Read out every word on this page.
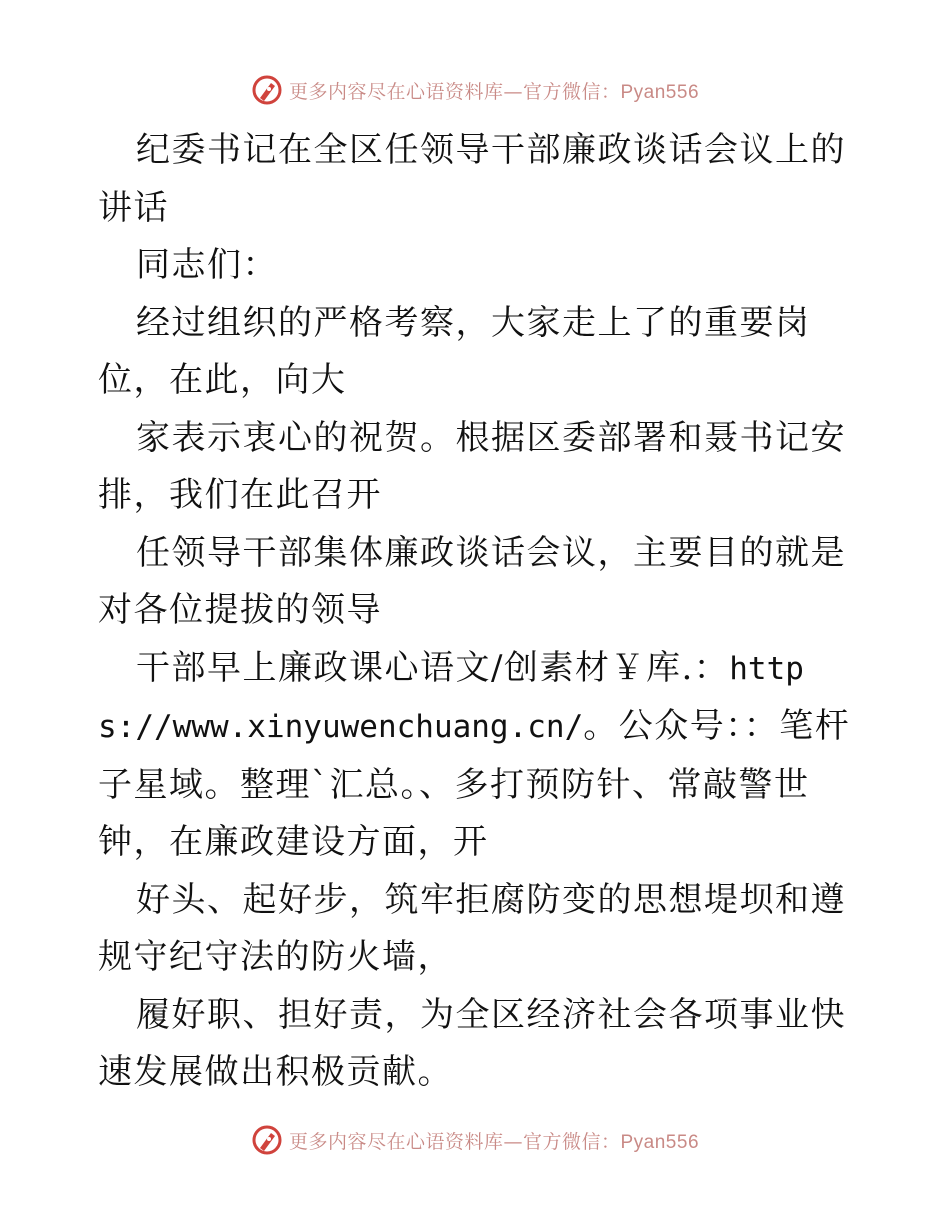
更多内容尽在心语资料库—官方微信：Pyan556

纪委书记在全区任领导干部廉政谈话会议上的讲话

同志们：

经过组织的严格考察，大家走上了的重要岗位，在此，向大

家表示衷心的祝贺。根据区委部署和聂书记安排，我们在此召开

任领导干部集体廉政谈话会议，主要目的就是对各位提拔的领导

干部早上廉政课心语文/创素材￥库.：https://www.xinyuwenchuang.cn/。公众号：：笔杆子星域。整理`汇总。、多打预防针、常敲警世钟，在廉政建设方面，开

好头、起好步，筑牢拒腐防变的思想堤坝和遵规守纪守法的防火墙，

履好职、担好责，为全区经济社会各项事业快速发展做出积极贡献。

更多内容尽在心语资料库—官方微信：Pyan556
